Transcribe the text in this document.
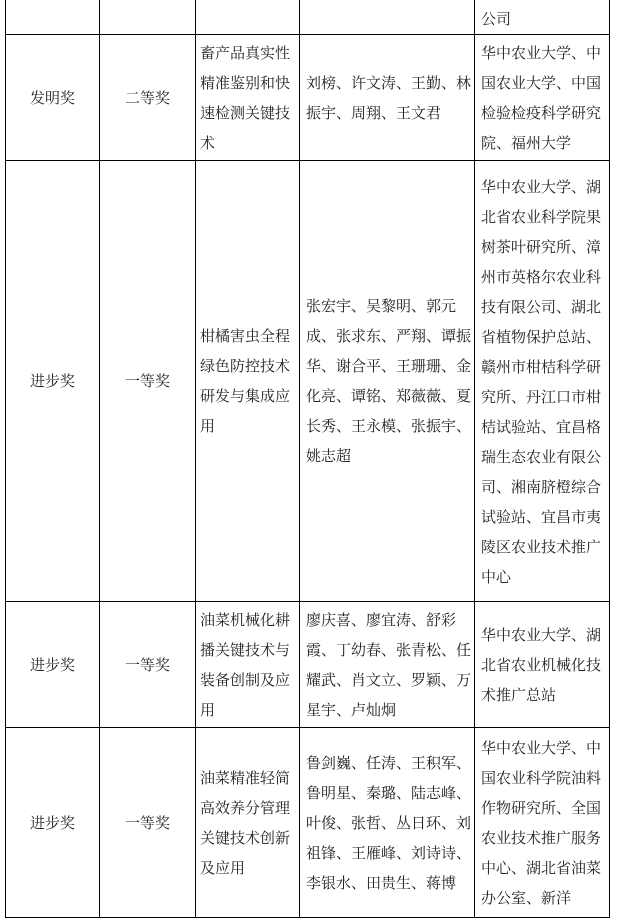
				公司
发明奖	二等奖	畜产品真实性精准鉴别和快速检测关键技术	刘榜、许文涛、王勤、林振宇、周翔、王文君	华中农业大学、中国农业大学、中国检验检疫科学研究院、福州大学
进步奖	一等奖	柑橘害虫全程绿色防控技术研发与集成应用	张宏宇、吴黎明、郭元成、张求东、严翔、谭振华、谢合平、王珊珊、金化亮、谭铭、郑薇薇、夏长秀、王永模、张振宇、姚志超	华中农业大学、湖北省农业科学院果树茶叶研究所、漳州市英格尔农业科技有限公司、湖北省植物保护总站、赣州市柑桔科学研究所、丹江口市柑桔试验站、宜昌格瑞生态农业有限公司、湘南脐橙综合试验站、宜昌市夷陵区农业技术推广中心
进步奖	一等奖	油菜机械化耕播关键技术与装备创制及应用	廖庆喜、廖宜涛、舒彩霞、丁幼春、张青松、任耀武、肖文立、罗颖、万星宇、卢灿炯	华中农业大学、湖北省农业机械化技术推广总站
进步奖	一等奖	油菜精准轻简高效养分管理关键技术创新及应用	鲁剑巍、任涛、王积军、鲁明星、秦璐、陆志峰、叶俊、张哲、丛日环、刘祖锋、王雁峰、刘诗诗、李银水、田贵生、蒋博	华中农业大学、中国农业科学院油料作物研究所、全国农业技术推广服务中心、湖北省油菜办公室、新洋
